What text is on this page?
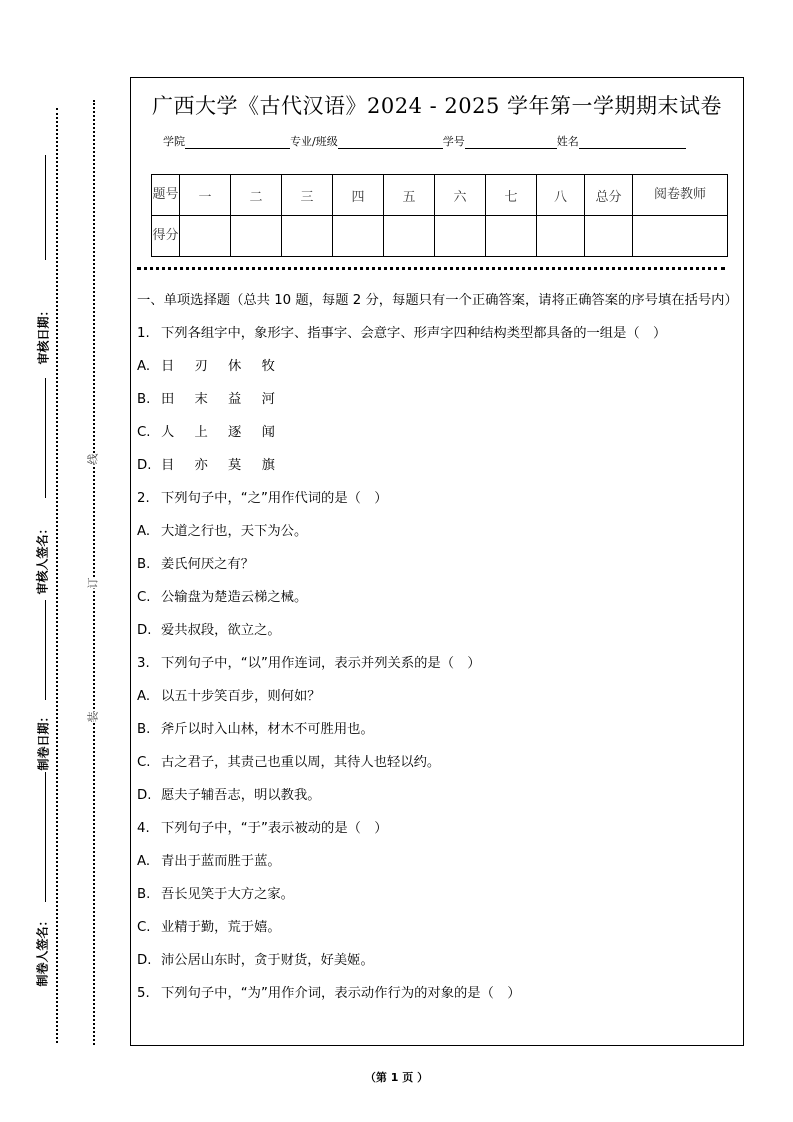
审核日期：
审核人签名：
制卷日期：
制卷人签名：
线
订
装
广西大学《古代汉语》2024 - 2025 学年第一学期期末试卷
学院	专业/班级	学号	姓名
题号	一	二	三	四	五	六	七	八	总分	阅卷教师
得分										
一、单项选择题（总共 10 题，每题 2 分，每题只有一个正确答案，请将正确答案的序号填在括号内）
1. 下列各组字中，象形字、指事字、会意字、形声字四种结构类型都具备的一组是（　）
A. 日 刃 休 牧
B. 田 末 益 河
C. 人 上 逐 闻
D. 目 亦 莫 旗
2. 下列句子中，“之”用作代词的是（　）
A. 大道之行也，天下为公。
B. 姜氏何厌之有？
C. 公输盘为楚造云梯之械。
D. 爱共叔段，欲立之。
3. 下列句子中，“以”用作连词，表示并列关系的是（　）
A. 以五十步笑百步，则何如？
B. 斧斤以时入山林，材木不可胜用也。
C. 古之君子，其责己也重以周，其待人也轻以约。
D. 愿夫子辅吾志，明以教我。
4. 下列句子中，“于”表示被动的是（　）
A. 青出于蓝而胜于蓝。
B. 吾长见笑于大方之家。
C. 业精于勤，荒于嬉。
D. 沛公居山东时，贪于财货，好美姬。
5. 下列句子中，“为”用作介词，表示动作行为的对象的是（　）
（第 1 页 ）
